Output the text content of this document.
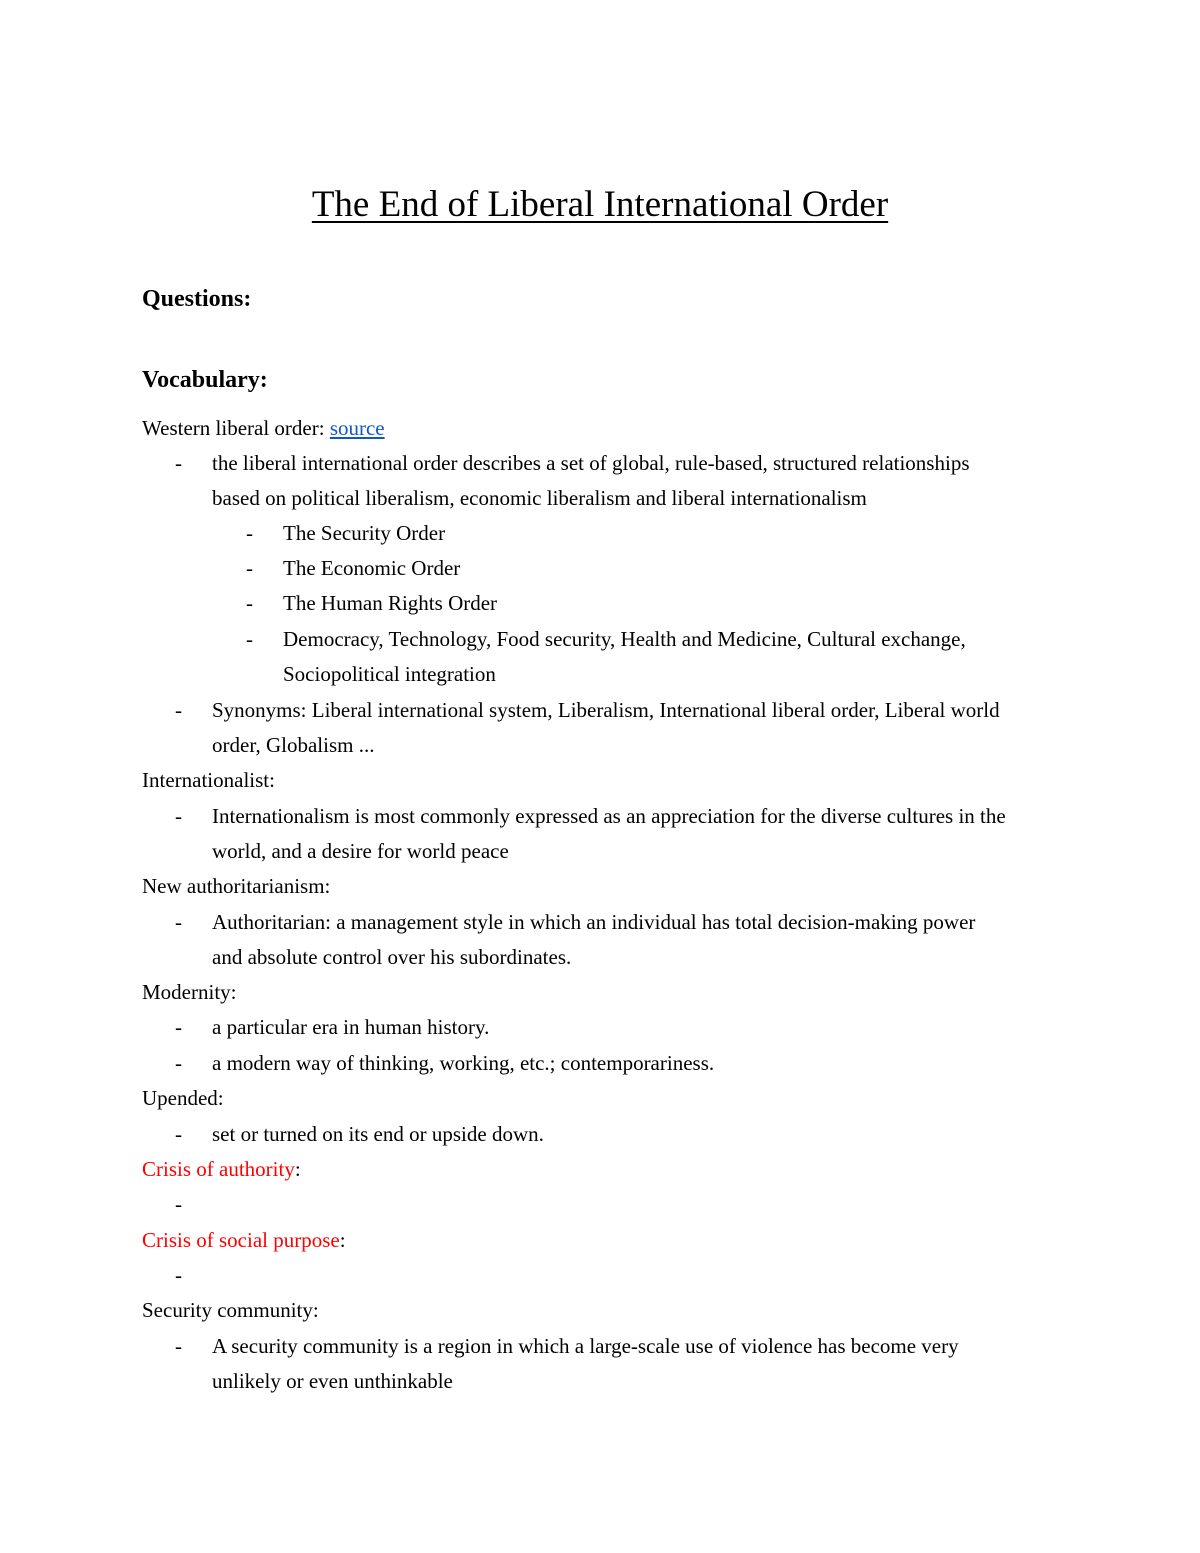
The End of Liberal International Order
Questions:
Vocabulary:
Western liberal order: source
- the liberal international order describes a set of global, rule-based, structured relationships
based on political liberalism, economic liberalism and liberal internationalism
- The Security Order
- The Economic Order
- The Human Rights Order
- Democracy, Technology, Food security, Health and Medicine, Cultural exchange,
Sociopolitical integration
- Synonyms: Liberal international system, Liberalism, International liberal order, Liberal world
order, Globalism ...
Internationalist:
- Internationalism is most commonly expressed as an appreciation for the diverse cultures in the
world, and a desire for world peace
New authoritarianism:
- Authoritarian: a management style in which an individual has total decision-making power
and absolute control over his subordinates.
Modernity:
- a particular era in human history.
- a modern way of thinking, working, etc.; contemporariness.
Upended:
- set or turned on its end or upside down.
Crisis of authority:
-
Crisis of social purpose:
-
Security community:
- A security community is a region in which a large-scale use of violence has become very
unlikely or even unthinkable
